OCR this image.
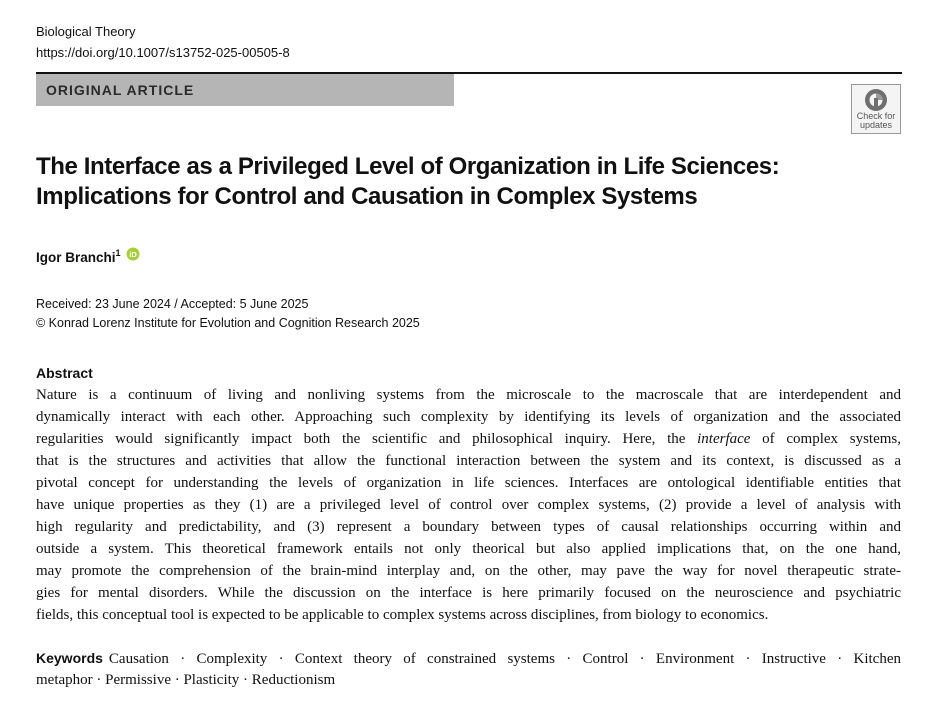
Biological Theory
https://doi.org/10.1007/s13752-025-00505-8
ORIGINAL ARTICLE
Check for
updates
The Interface as a Privileged Level of Organization in Life Sciences:
Implications for Control and Causation in Complex Systems
Igor Branchi$^1$ iD
Received: 23 June 2024 / Accepted: 5 June 2025
© Konrad Lorenz Institute for Evolution and Cognition Research 2025
Abstract
Nature is a continuum of living and nonliving systems from the microscale to the macroscale that are interdependent and
dynamically interact with each other. Approaching such complexity by identifying its levels of organization and the associated
regularities would significantly impact both the scientific and philosophical inquiry. Here, the interface of complex systems,
that is the structures and activities that allow the functional interaction between the system and its context, is discussed as a
pivotal concept for understanding the levels of organization in life sciences. Interfaces are ontological identifiable entities that
have unique properties as they (1) are a privileged level of control over complex systems, (2) provide a level of analysis with
high regularity and predictability, and (3) represent a boundary between types of causal relationships occurring within and
outside a system. This theoretical framework entails not only theorical but also applied implications that, on the one hand,
may promote the comprehension of the brain-mind interplay and, on the other, may pave the way for novel therapeutic strate-
gies for mental disorders. While the discussion on the interface is here primarily focused on the neuroscience and psychiatric
fields, this conceptual tool is expected to be applicable to complex systems across disciplines, from biology to economics.
Keywords Causation · Complexity · Context theory of constrained systems · Control · Environment · Instructive · Kitchen
metaphor · Permissive · Plasticity · Reductionism
